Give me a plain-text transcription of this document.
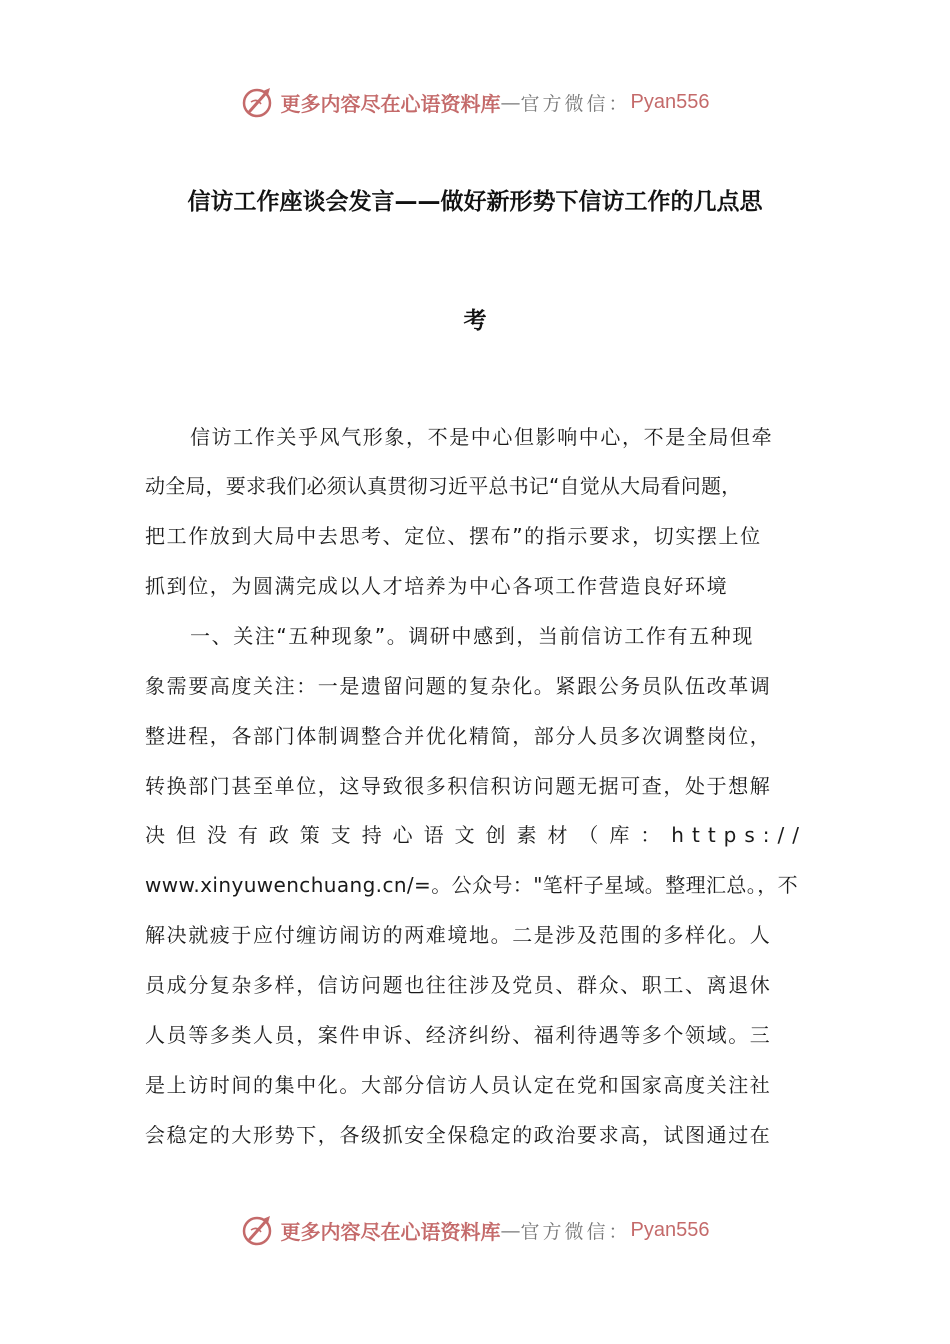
更多内容尽在心语资料库 — 官方微信： Pyan556
信访工作座谈会发言——做好新形势下信访工作的几点思
考
信访工作关乎风气形象，不是中心但影响中心，不是全局但牵
动全局，要求我们必须认真贯彻习近平总书记“自觉从大局看问题，
把工作放到大局中去思考、定位、摆布”的指示要求，切实摆上位
抓到位，为圆满完成以人才培养为中心各项工作营造良好环境
一、关注“五种现象”。调研中感到，当前信访工作有五种现
象需要高度关注：一是遗留问题的复杂化。紧跟公务员队伍改革调
整进程，各部门体制调整合并优化精简，部分人员多次调整岗位，
转换部门甚至单位，这导致很多积信积访问题无据可查，处于想解
决但没有政策支持心语文创素材（库：https://
www.xinyuwenchuang.cn/=。公众号："笔杆子星域。整理汇总。，不
解决就疲于应付缠访闹访的两难境地。二是涉及范围的多样化。人
员成分复杂多样，信访问题也往往涉及党员、群众、职工、离退休
人员等多类人员，案件申诉、经济纠纷、福利待遇等多个领域。三
是上访时间的集中化。大部分信访人员认定在党和国家高度关注社
会稳定的大形势下，各级抓安全保稳定的政治要求高，试图通过在
更多内容尽在心语资料库 — 官方微信： Pyan556
